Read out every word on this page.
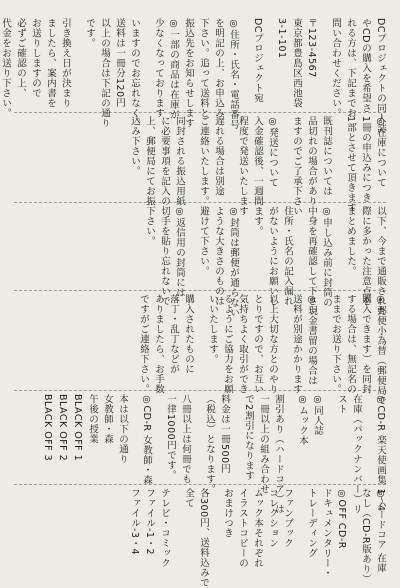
DCプロジェクトの同人誌
やCDの購入を希望さ
れる方は、下記までお
問い合わせください。
〒123-4567
東京都豊島区西池袋
3-1-101
DCプロジェクト宛
◎住所・氏名・電話番号
を明記の上、お申込み
下さい。追って送料と
振込先をお知らせします
◎一部の商品は在庫が
少なくなっております
いますのでお忘れなく。
送料は一冊分120円
以上の場合は下記の通り
です。
引き換え日が決まり
ましたら、案内書を
お送りしますので
必ずご確認の上、
代金をお送り下さい。
◎在庫について
1冊の申込みにつき
1部とさせて頂きます
既刊誌については
品切れの場合があり
ますのでご了承下さい
◎発送について
入金確認後、一週間
程度で発送いたします
遅れる場合は別途
ご連絡いたします。
同封される振込用紙
に必要事項を記入の
上、郵便局にてお振
込み下さい。
以下、今まで通販された
際に多かった注意点を
まとめました。
◎申し込み前に封筒の
中身を再確認して下さい
住所・氏名の記入漏れ
がないようにお願いし
ます。
◎封筒は郵便が通らない
ような大きさのものは
避けて下さい。
◎返信用の封筒には
切手を貼り忘れないで
下さい。
◎郵便小為替（郵便局で
購入できます）を同封
する場合は、無記名の
ままでお送り下さい。
◎現金書留の場合は
送料が別途かかります
以上大切な方とのやり
とりですので、お互い
気持ちよく取引ができ
るようにご協力をお願
いいたします。
購入されたものに
落丁・乱丁などが
ありましたら、お手数
ですがご連絡下さい。
◎CD-R 楽天使画集 1〜4
在庫（パックナンバー）リ
スト
◎同人誌
◎ムック本
割引あり（ハードコア）は
一冊以上の組み合わせ
で2割引になります
料金は一冊500円
（税込）となります。
八冊以上は何冊でも
一律1000円です。
◎CD-R 女教師・森
本は以下の通り
女教師・森
午後の授業
BLACK OFF 1
BLACK OFF 2
BLACK OFF 3
◎ハードコア 在庫
なし（CD-R版あり）
◎OFF CD-R
ドキュメンタリー・
トレーディング
ファンブック
コレクション
ムック本それぞれ
イラストコピーの
おまけつき
各300円、送料込みで
全て
テレビ・コミック
ファイル-1・2
ファイル-3・4
